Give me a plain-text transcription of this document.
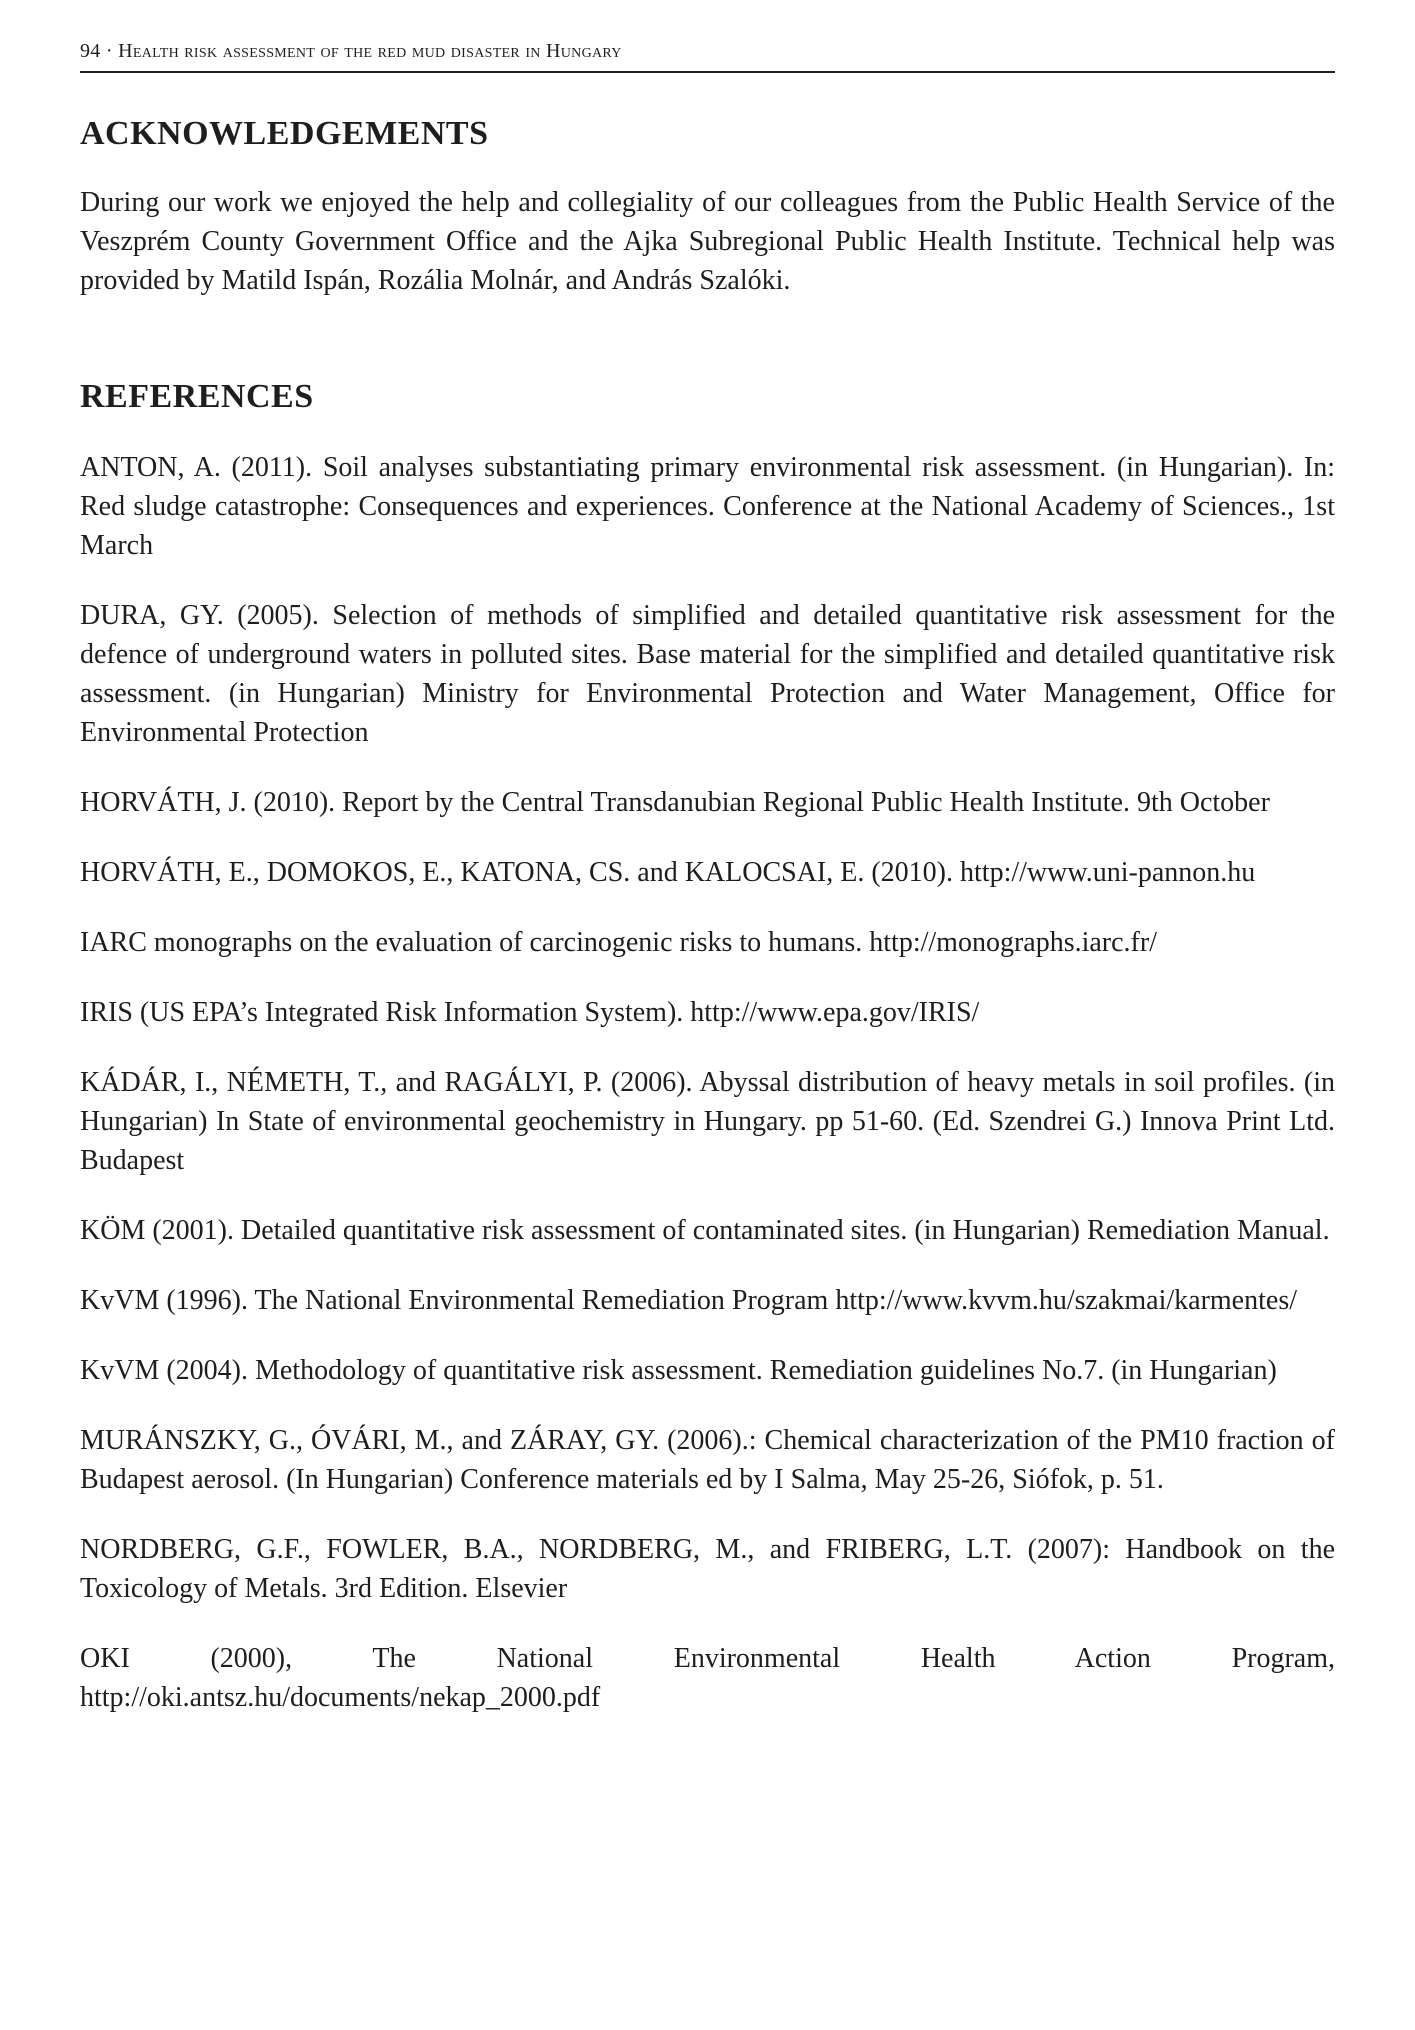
94 · Health risk assessment of the red mud disaster in Hungary
ACKNOWLEDGEMENTS

During our work we enjoyed the help and collegiality of our colleagues from the Public Health Service of the Veszprém County Government Office and the Ajka Subregional Public Health Institute. Technical help was provided by Matild Ispán, Rozália Molnár, and András Szalóki.

REFERENCES

ANTON, A. (2011). Soil analyses substantiating primary environmental risk assessment. (in Hungarian). In: Red sludge catastrophe: Consequences and experiences. Conference at the National Academy of Sciences., 1st March

DURA, GY. (2005). Selection of methods of simplified and detailed quantitative risk assessment for the defence of underground waters in polluted sites. Base material for the simplified and detailed quantitative risk assessment. (in Hungarian) Ministry for Environmental Protection and Water Management, Office for Environmental Protection

HORVÁTH, J. (2010). Report by the Central Transdanubian Regional Public Health Institute. 9th October

HORVÁTH, E., DOMOKOS, E., KATONA, CS. and KALOCSAI, E. (2010). http://www.uni-pannon.hu

IARC monographs on the evaluation of carcinogenic risks to humans. http://monographs.iarc.fr/

IRIS (US EPA’s Integrated Risk Information System). http://www.epa.gov/IRIS/

KÁDÁR, I., NÉMETH, T., and RAGÁLYI, P. (2006). Abyssal distribution of heavy metals in soil profiles. (in Hungarian) In State of environmental geochemistry in Hungary. pp 51-60. (Ed. Szendrei G.) Innova Print Ltd. Budapest

KÖM (2001). Detailed quantitative risk assessment of contaminated sites. (in Hungarian) Remediation Manual.

KvVM (1996). The National Environmental Remediation Program http://www.kvvm.hu/szakmai/karmentes/

KvVM (2004). Methodology of quantitative risk assessment. Remediation guidelines No.7. (in Hungarian)

MURÁNSZKY, G., ÓVÁRI, M., and ZÁRAY, GY. (2006).: Chemical characterization of the PM10 fraction of Budapest aerosol. (In Hungarian) Conference materials ed by I Salma, May 25-26, Siófok, p. 51.

NORDBERG, G.F., FOWLER, B.A., NORDBERG, M., and FRIBERG, L.T. (2007): Handbook on the Toxicology of Metals. 3rd Edition. Elsevier

OKI (2000), The National Environmental Health Action Program, http://oki.antsz.hu/documents/nekap_2000.pdf
